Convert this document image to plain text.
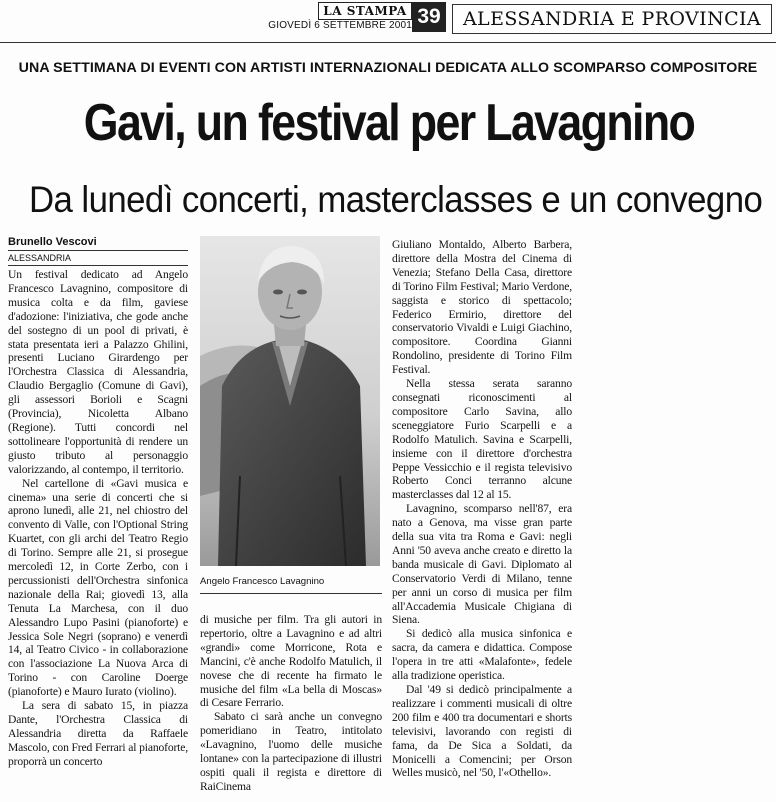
LA STAMPA 39
GIOVEDÌ 6 SETTEMBRE 2001	ALESSANDRIA E PROVINCIA
UNA SETTIMANA DI EVENTI CON ARTISTI INTERNAZIONALI DEDICATA ALLO SCOMPARSO COMPOSITORE
Gavi, un festival per Lavagnino
Da lunedì concerti, masterclasses e un convegno
Brunello Vescovi
ALESSANDRIA

Un festival dedicato ad Angelo Francesco Lavagnino, compositore di musica colta e da film, gaviese d'adozione: l'iniziativa, che gode anche del sostegno di un pool di privati, è stata presentata ieri a Palazzo Ghilini, presenti Luciano Girardengo per l'Orchestra Classica di Alessandria, Claudio Bergaglio (Comune di Gavi), gli assessori Borioli e Scagni (Provincia), Nicoletta Albano (Regione). Tutti concordi nel sottolineare l'opportunità di rendere un giusto tributo al personaggio valorizzando, al contempo, il territorio.

Nel cartellone di «Gavi musica e cinema» una serie di concerti che si aprono lunedì, alle 21, nel chiostro del convento di Valle, con l'Optional String Kuartet, con gli archi del Teatro Regio di Torino. Sempre alle 21, si prosegue mercoledì 12, in Corte Zerbo, con i percussionisti dell'Orchestra sinfonica nazionale della Rai; giovedì 13, alla Tenuta La Marchesa, con il duo Alessandro Lupo Pasini (pianoforte) e Jessica Sole Negri (soprano) e venerdì 14, al Teatro Civico - in collaborazione con l'associazione La Nuova Arca di Torino - con Caroline Doerge (pianoforte) e Mauro Iurato (violino).

La sera di sabato 15, in piazza Dante, l'Orchestra Classica di Alessandria diretta da Raffaele Mascolo, con Fred Ferrari al pianoforte, proporrà un concerto

Angelo Francesco Lavagnino

di musiche per film. Tra gli autori in repertorio, oltre a Lavagnino e ad altri «grandi» come Morricone, Rota e Mancini, c'è anche Rodolfo Matulich, il novese che di recente ha firmato le musiche del film «La bella di Moscas» di Cesare Ferrario.

Sabato ci sarà anche un convegno pomeridiano in Teatro, intitolato «Lavagnino, l'uomo delle musiche lontane» con la partecipazione di illustri ospiti quali il regista e direttore di RaiCinema

Giuliano Montaldo, Alberto Barbera, direttore della Mostra del Cinema di Venezia; Stefano Della Casa, direttore di Torino Film Festival; Mario Verdone, saggista e storico di spettacolo; Federico Ermirio, direttore del conservatorio Vivaldi e Luigi Giachino, compositore. Coordina Gianni Rondolino, presidente di Torino Film Festival.

Nella stessa serata saranno consegnati riconoscimenti al compositore Carlo Savina, allo sceneggiatore Furio Scarpelli e a Rodolfo Matulich. Savina e Scarpelli, insieme con il direttore d'orchestra Peppe Vessicchio e il regista televisivo Roberto Conci terranno alcune masterclasses dal 12 al 15.

Lavagnino, scomparso nell'87, era nato a Genova, ma visse gran parte della sua vita tra Roma e Gavi: negli Anni '50 aveva anche creato e diretto la banda musicale di Gavi. Diplomato al Conservatorio Verdi di Milano, tenne per anni un corso di musica per film all'Accademia Musicale Chigiana di Siena.

Si dedicò alla musica sinfonica e sacra, da camera e didattica. Compose l'opera in tre atti «Malafonte», fedele alla tradizione operistica.

Dal '49 si dedicò principalmente a realizzare i commenti musicali di oltre 200 film e 400 tra documentari e shorts televisivi, lavorando con registi di fama, da De Sica a Soldati, da Monicelli a Comencini; per Orson Welles musicò, nel '50, l'«Othello».
